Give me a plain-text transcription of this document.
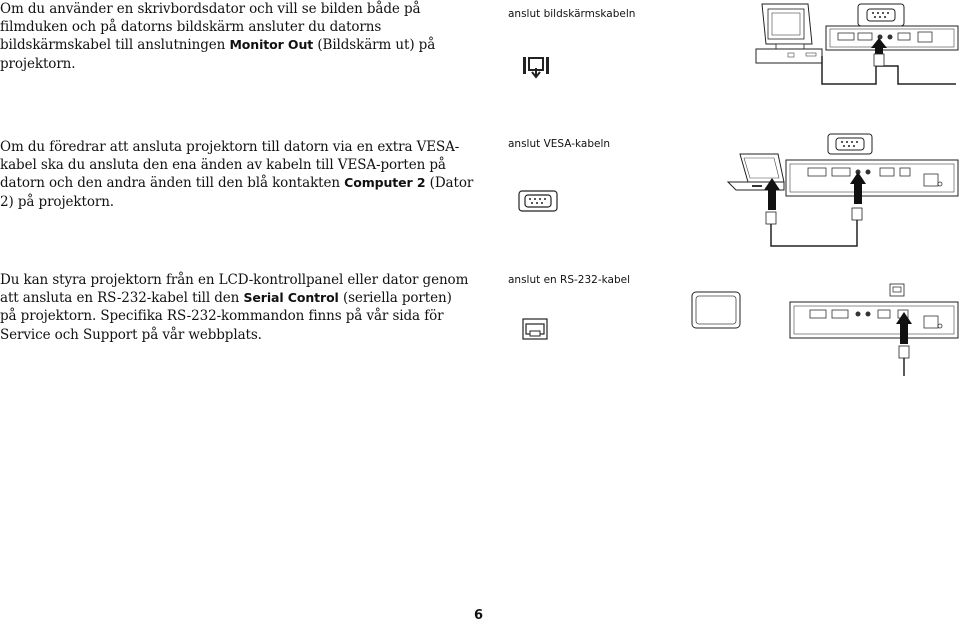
Om du använder en skrivbordsdator och vill se bilden både på filmduken och på datorns bildskärm ansluter du datorns bildskärmskabel till anslutningen Monitor Out (Bildskärm ut) på projektorn.

anslut bildskärmskabeln

Om du föredrar att ansluta projektorn till datorn via en extra VESA-kabel ska du ansluta den ena änden av kabeln till VESA-porten på datorn och den andra änden till den blå kontakten Computer 2 (Dator 2) på projektorn.

anslut VESA-kabeln

Du kan styra projektorn från en LCD-kontrollpanel eller dator genom att ansluta en RS-232-kabel till den Serial Control (seriella porten) på projektorn. Specifika RS-232-kommandon finns på vår sida för Service och Support på vår webbplats.

anslut en RS-232-kabel
6
